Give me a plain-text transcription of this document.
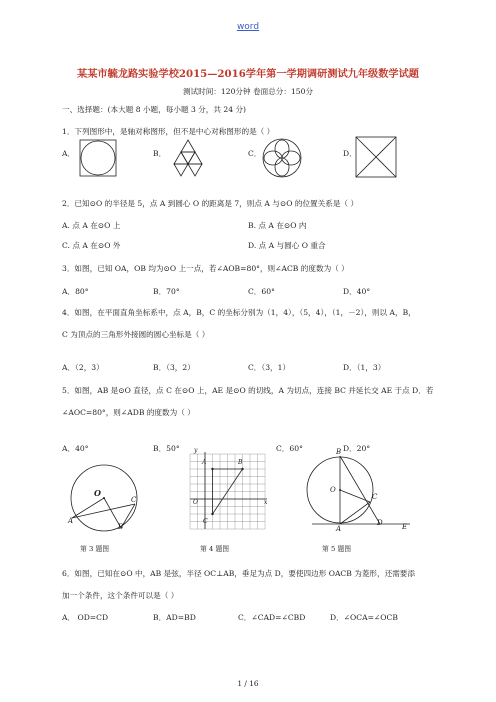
word
某某市毓龙路实验学校2015—2016学年第一学期调研测试九年级数学试题
测试时间：120分钟 卷面总分：150分
一、选择题：(本大题 8 小题，每小题 3 分，共 24 分)
1．下列图形中，是轴对称图形，但不是中心对称图形的是（ ）
A．	B．	C．	D．
2．已知⊙O 的半径是 5，点 A 到圆心 O 的距离是 7，则点 A 与⊙O 的位置关系是（ ）
A. 点 A 在⊙O 上	B. 点 A 在⊙O 内
C. 点 A 在⊙O 外	D. 点 A 与圆心 O 重合
3．如图，已知 OA，OB 均为⊙O 上一点，若∠AOB=80°，则∠ACB 的度数为（ ）
A．80°	B．70°	C．60°	D．40°
4．如图，在平面直角坐标系中，点 A，B，C 的坐标分别为（1，4），（5，4），（1，－2），则以 A，B，
C 为顶点的三角形外接圆的圆心坐标是（ ）
A．（2，3）	B．（3，2）	C．（3，1）	D．（1，3）
5．如图，AB 是⊙O 直径，点 C 在⊙O 上，AE 是⊙O 的切线，A 为切点，连接 BC 并延长交 AE 于点 D．若
∠AOC=80°，则∠ADB 的度数为（ ）
A．40°	B．50°	C．60°	D．20°
O
C
A
B
第 3 题图
A	B
C
x
y
O
第 4 题图
B
O
C
A
D	E
第 5 题图
6．如图，已知在⊙O 中，AB 是弦，半径 OC⊥AB，垂足为点 D，要使四边形 OACB 为菱形，还需要添
加一个条件，这个条件可以是（ ）
A． OD=CD	B．AD=BD	C．∠CAD=∠CBD	D．∠OCA=∠OCB
1 / 16
